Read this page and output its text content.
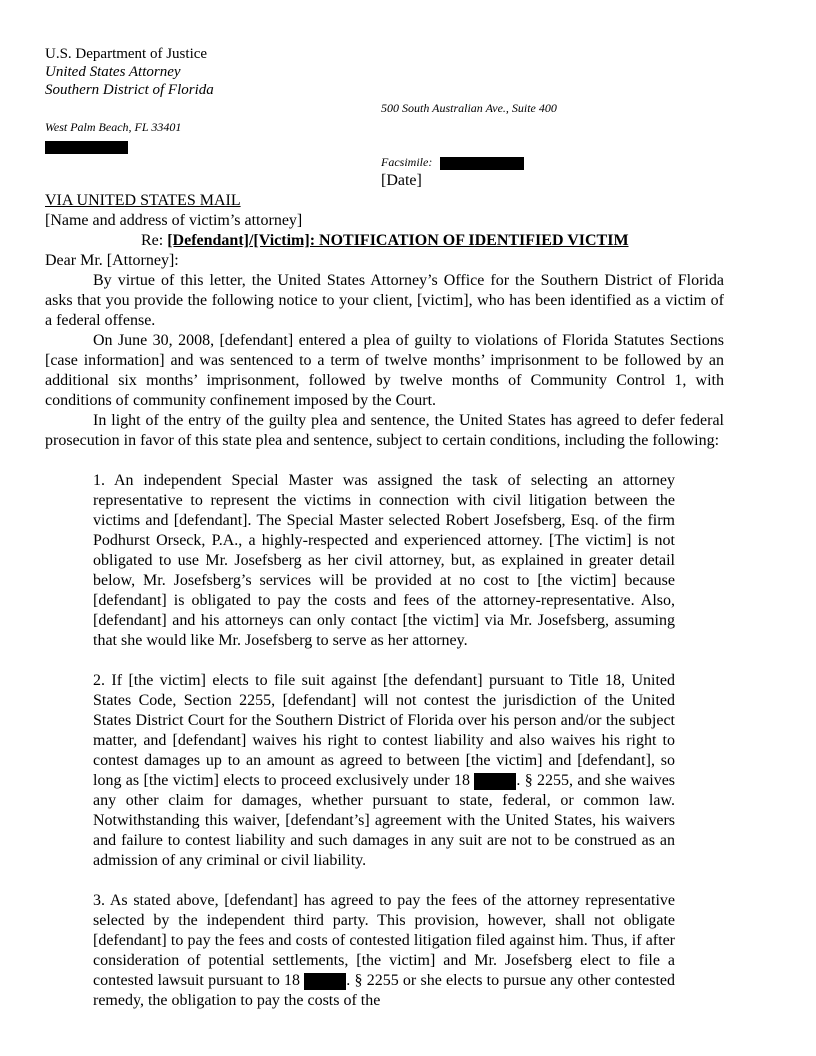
U.S. Department of Justice
United States Attorney
Southern District of Florida
500 South Australian Ave., Suite 400
West Palm Beach, FL 33401
Facsimile:
[Date]
VIA UNITED STATES MAIL
[Name and address of victim’s attorney]
Re: [Defendant]/[Victim]: NOTIFICATION OF IDENTIFIED VICTIM
Dear Mr. [Attorney]:
By virtue of this letter, the United States Attorney’s Office for the Southern District of Florida asks that you provide the following notice to your client, [victim], who has been identified as a victim of a federal offense.
On June 30, 2008, [defendant] entered a plea of guilty to violations of Florida Statutes Sections [case information] and was sentenced to a term of twelve months’ imprisonment to be followed by an additional six months’ imprisonment, followed by twelve months of Community Control 1, with conditions of community confinement imposed by the Court.
In light of the entry of the guilty plea and sentence, the United States has agreed to defer federal prosecution in favor of this state plea and sentence, subject to certain conditions, including the following:
1. An independent Special Master was assigned the task of selecting an attorney representative to represent the victims in connection with civil litigation between the victims and [defendant]. The Special Master selected Robert Josefsberg, Esq. of the firm Podhurst Orseck, P.A., a highly-respected and experienced attorney. [The victim] is not obligated to use Mr. Josefsberg as her civil attorney, but, as explained in greater detail below, Mr. Josefsberg’s services will be provided at no cost to [the victim] because [defendant] is obligated to pay the costs and fees of the attorney-representative. Also, [defendant] and his attorneys can only contact [the victim] via Mr. Josefsberg, assuming that she would like Mr. Josefsberg to serve as her attorney.
2. If [the victim] elects to file suit against [the defendant] pursuant to Title 18, United States Code, Section 2255, [defendant] will not contest the jurisdiction of the United States District Court for the Southern District of Florida over his person and/or the subject matter, and [defendant] waives his right to contest liability and also waives his right to contest damages up to an amount as agreed to between [the victim] and [defendant], so long as [the victim] elects to proceed exclusively under 18	. § 2255, and she waives any other claim for damages, whether pursuant to state, federal, or common law. Notwithstanding this waiver, [defendant’s] agreement with the United States, his waivers and failure to contest liability and such damages in any suit are not to be construed as an admission of any criminal or civil liability.
3. As stated above, [defendant] has agreed to pay the fees of the attorney representative selected by the independent third party. This provision, however, shall not obligate [defendant] to pay the fees and costs of contested litigation filed against him. Thus, if after consideration of potential settlements, [the victim] and Mr. Josefsberg elect to file a contested lawsuit pursuant to 18	. § 2255 or she elects to pursue any other contested remedy, the obligation to pay the costs of the
